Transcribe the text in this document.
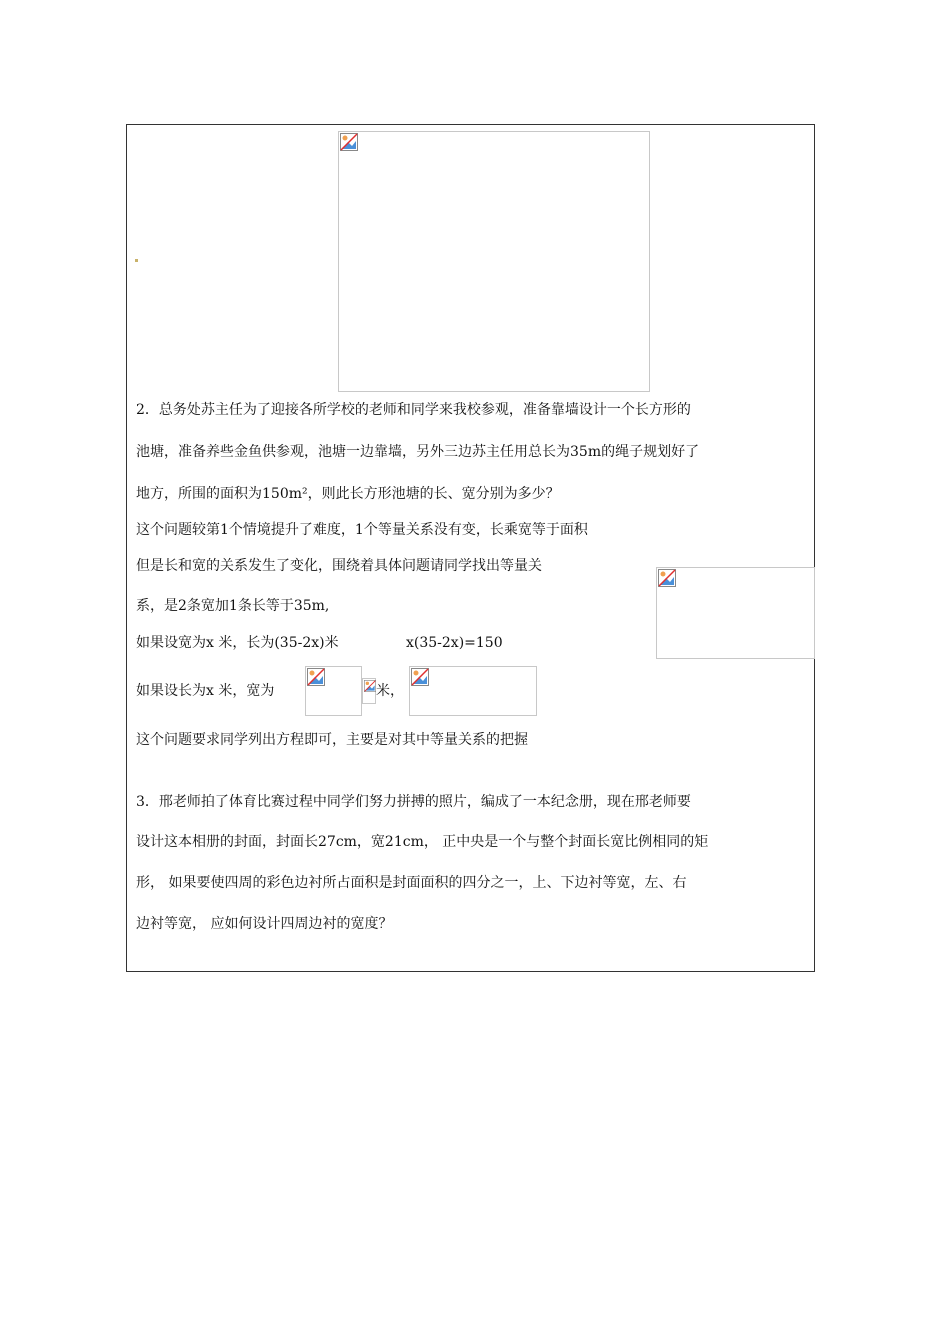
2．总务处苏主任为了迎接各所学校的老师和同学来我校参观，准备靠墙设计一个长方形的
池塘，准备养些金鱼供参观，池塘一边靠墙，另外三边苏主任用总长为35m的绳子规划好了
地方，所围的面积为150m²，则此长方形池塘的长、宽分别为多少？
这个问题较第1个情境提升了难度，1个等量关系没有变，长乘宽等于面积
但是长和宽的关系发生了变化，围绕着具体问题请同学找出等量关
系，是2条宽加1条长等于35m,
如果设宽为x 米，长为(35-2x)米	x(35-2x)=150
如果设长为x 米，宽为	米，
这个问题要求同学列出方程即可，主要是对其中等量关系的把握
3．邢老师拍了体育比赛过程中同学们努力拼搏的照片，编成了一本纪念册，现在邢老师要
设计这本相册的封面，封面长27cm，宽21cm， 正中央是一个与整个封面长宽比例相同的矩
形， 如果要使四周的彩色边衬所占面积是封面面积的四分之一，上、下边衬等宽，左、右
边衬等宽， 应如何设计四周边衬的宽度？
